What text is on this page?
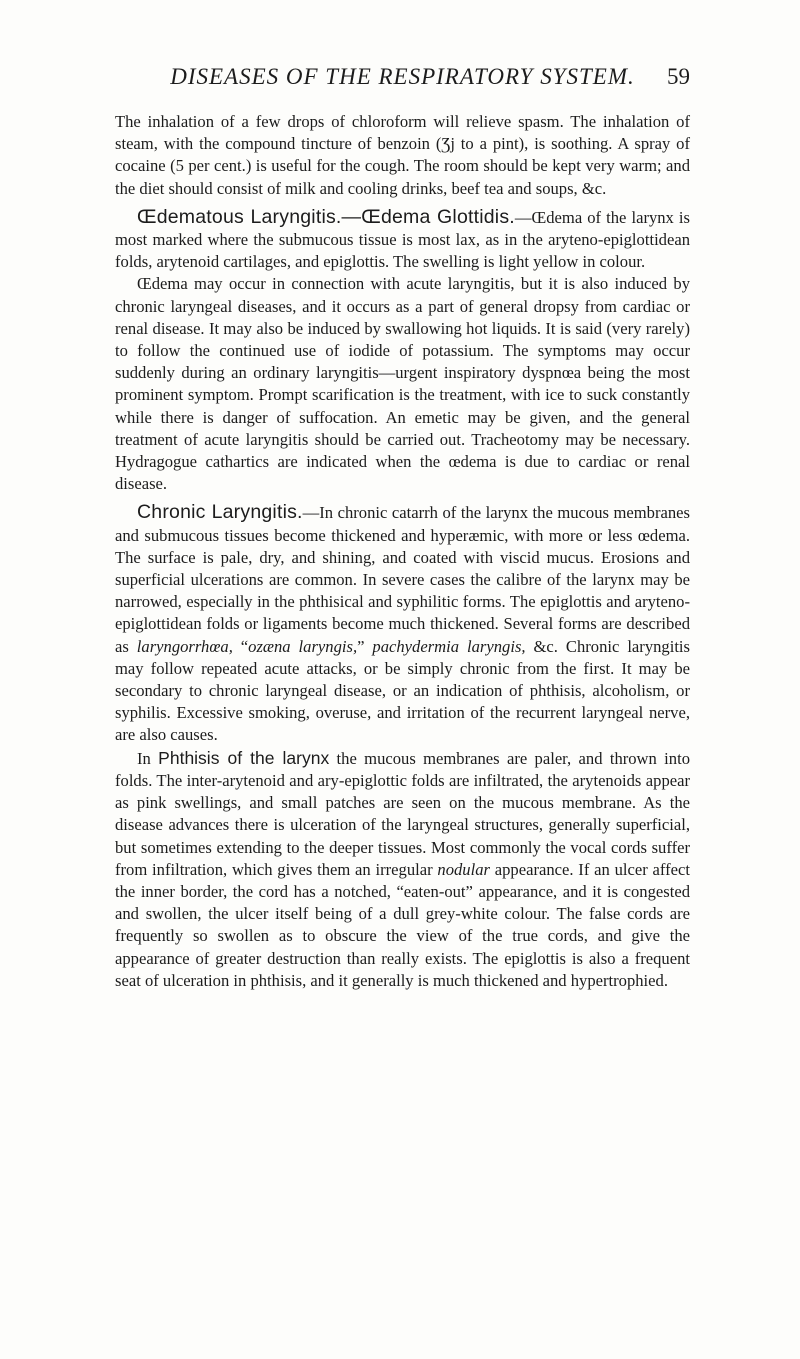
DISEASES OF THE RESPIRATORY SYSTEM.	59

The inhalation of a few drops of chloroform will relieve spasm. The inhalation of steam, with the compound tincture of benzoin (Ʒj to a pint), is soothing. A spray of cocaine (5 per cent.) is useful for the cough. The room should be kept very warm; and the diet should consist of milk and cooling drinks, beef tea and soups, &c.

Œdematous Laryngitis.—Œdema Glottidis.—Œdema of the larynx is most marked where the submucous tissue is most lax, as in the aryteno-epiglottidean folds, arytenoid cartilages, and epiglottis. The swelling is light yellow in colour.

Œdema may occur in connection with acute laryngitis, but it is also induced by chronic laryngeal diseases, and it occurs as a part of general dropsy from cardiac or renal disease. It may also be induced by swallowing hot liquids. It is said (very rarely) to follow the continued use of iodide of potassium. The symptoms may occur suddenly during an ordinary laryngitis—urgent inspiratory dyspnœa being the most prominent symptom. Prompt scarification is the treatment, with ice to suck constantly while there is danger of suffocation. An emetic may be given, and the general treatment of acute laryngitis should be carried out. Tracheotomy may be necessary. Hydragogue cathartics are indicated when the œdema is due to cardiac or renal disease.

Chronic Laryngitis.—In chronic catarrh of the larynx the mucous membranes and submucous tissues become thickened and hyperæmic, with more or less œdema. The surface is pale, dry, and shining, and coated with viscid mucus. Erosions and superficial ulcerations are common. In severe cases the calibre of the larynx may be narrowed, especially in the phthisical and syphilitic forms. The epiglottis and aryteno-epiglottidean folds or ligaments become much thickened. Several forms are described as laryngorrhœa, “ozæna laryngis,” pachydermia laryngis, &c. Chronic laryngitis may follow repeated acute attacks, or be simply chronic from the first. It may be secondary to chronic laryngeal disease, or an indication of phthisis, alcoholism, or syphilis. Excessive smoking, overuse, and irritation of the recurrent laryngeal nerve, are also causes.

In Phthisis of the larynx the mucous membranes are paler, and thrown into folds. The inter-arytenoid and ary-epiglottic folds are infiltrated, the arytenoids appear as pink swellings, and small patches are seen on the mucous membrane. As the disease advances there is ulceration of the laryngeal structures, generally superficial, but sometimes extending to the deeper tissues. Most commonly the vocal cords suffer from infiltration, which gives them an irregular nodular appearance. If an ulcer affect the inner border, the cord has a notched, “eaten-out” appearance, and it is congested and swollen, the ulcer itself being of a dull grey-white colour. The false cords are frequently so swollen as to obscure the view of the true cords, and give the appearance of greater destruction than really exists. The epiglottis is also a frequent seat of ulceration in phthisis, and it generally is much thickened and hypertrophied.
